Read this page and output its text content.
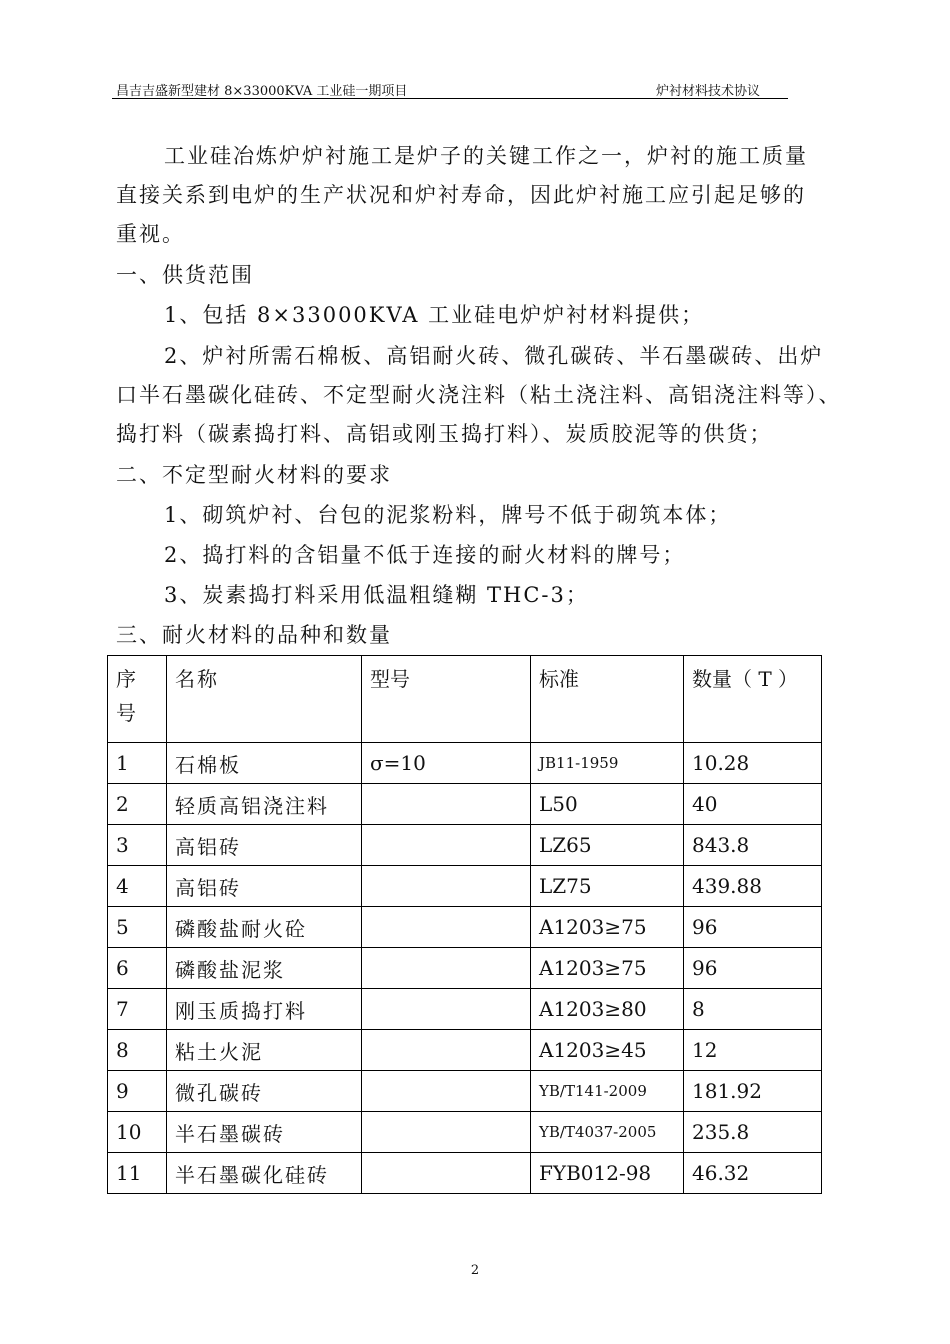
昌吉吉盛新型建材 8×33000KVA 工业硅一期项目	炉衬材料技术协议
工业硅冶炼炉炉衬施工是炉子的关键工作之一，炉衬的施工质量
直接关系到电炉的生产状况和炉衬寿命，因此炉衬施工应引起足够的
重视。
一、供货范围
1、包括 8×33000KVA 工业硅电炉炉衬材料提供；
2、炉衬所需石棉板、高铝耐火砖、微孔碳砖、半石墨碳砖、出炉
口半石墨碳化硅砖、不定型耐火浇注料（粘土浇注料、高铝浇注料等）、
捣打料（碳素捣打料、高铝或刚玉捣打料）、炭质胶泥等的供货；
二、不定型耐火材料的要求
1、砌筑炉衬、台包的泥浆粉料，牌号不低于砌筑本体；
2、捣打料的含铝量不低于连接的耐火材料的牌号；
3、炭素捣打料采用低温粗缝糊 THC-3；
三、耐火材料的品种和数量
序
号	名称	型号	标准	数量（ T ）
1	石棉板	σ=10	JB11-1959	10.28
2	轻质高铝浇注料		L50	40
3	高铝砖		LZ65	843.8
4	高铝砖		LZ75	439.88
5	磷酸盐耐火砼		A1203≥75	96
6	磷酸盐泥浆		A1203≥75	96
7	刚玉质捣打料		A1203≥80	8
8	粘土火泥		A1203≥45	12
9	微孔碳砖		YB/T141-2009	181.92
10	半石墨碳砖		YB/T4037-2005	235.8
11	半石墨碳化硅砖		FYB012-98	46.32
2
